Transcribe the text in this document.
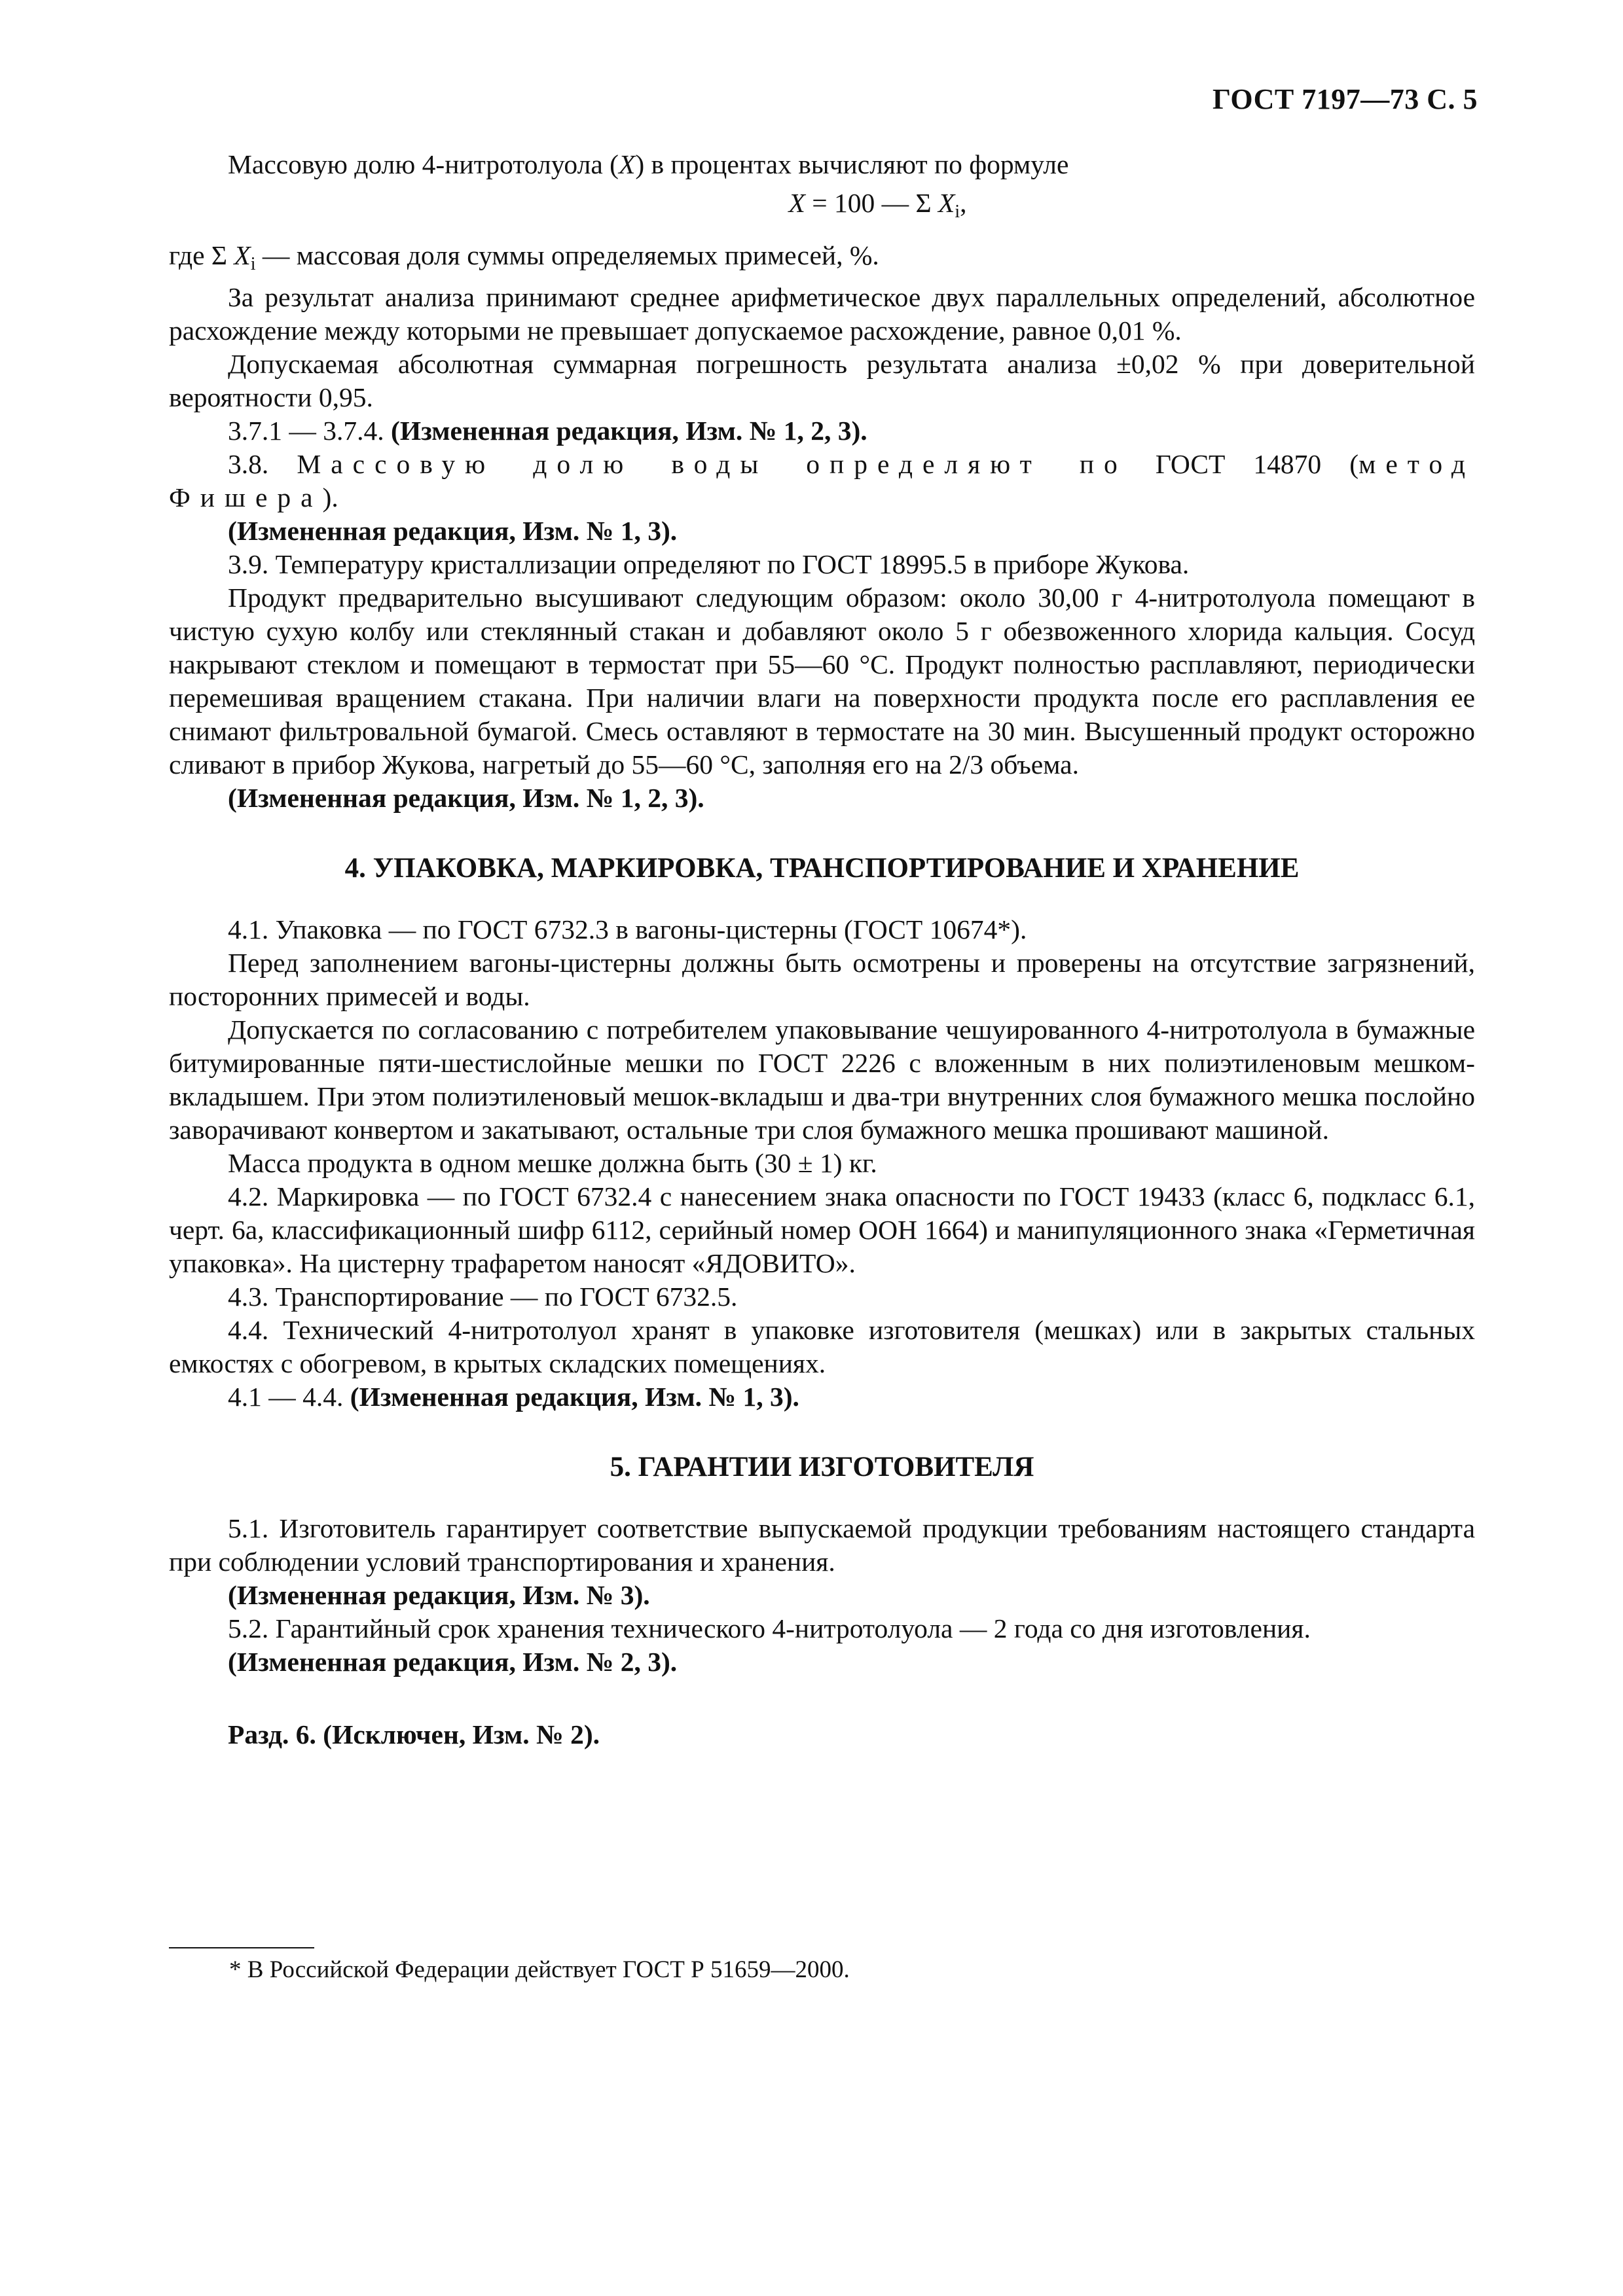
ГОСТ 7197—73 С. 5

Массовую долю 4-нитротолуола (X) в процентах вычисляют по формуле

X = 100 — Σ $X_i$,

где Σ $X_i$ — массовая доля суммы определяемых примесей, %.

За результат анализа принимают среднее арифметическое двух параллельных определений, абсолютное расхождение между которыми не превышает допускаемое расхождение, равное 0,01 %.

Допускаемая абсолютная суммарная погрешность результата анализа ±0,02 % при доверительной вероятности 0,95.

3.7.1 — 3.7.4. (Измененная редакция, Изм. № 1, 2, 3).

3.8. Массовую долю воды определяют по ГОСТ 14870 (метод Фишера).

(Измененная редакция, Изм. № 1, 3).

3.9. Температуру кристаллизации определяют по ГОСТ 18995.5 в приборе Жукова.

Продукт предварительно высушивают следующим образом: около 30,00 г 4-нитротолуола помещают в чистую сухую колбу или стеклянный стакан и добавляют около 5 г обезвоженного хлорида кальция. Сосуд накрывают стеклом и помещают в термостат при 55—60 °С. Продукт полностью расплавляют, периодически перемешивая вращением стакана. При наличии влаги на поверхности продукта после его расплавления ее снимают фильтровальной бумагой. Смесь оставляют в термостате на 30 мин. Высушенный продукт осторожно сливают в прибор Жукова, нагретый до 55—60 °С, заполняя его на 2/3 объема.

(Измененная редакция, Изм. № 1, 2, 3).

4. УПАКОВКА, МАРКИРОВКА, ТРАНСПОРТИРОВАНИЕ И ХРАНЕНИЕ

4.1. Упаковка — по ГОСТ 6732.3 в вагоны-цистерны (ГОСТ 10674*).

Перед заполнением вагоны-цистерны должны быть осмотрены и проверены на отсутствие загрязнений, посторонних примесей и воды.

Допускается по согласованию с потребителем упаковывание чешуированного 4-нитротолуола в бумажные битумированные пяти-шестислойные мешки по ГОСТ 2226 с вложенным в них полиэтиленовым мешком-вкладышем. При этом полиэтиленовый мешок-вкладыш и два-три внутренних слоя бумажного мешка послойно заворачивают конвертом и закатывают, остальные три слоя бумажного мешка прошивают машиной.

Масса продукта в одном мешке должна быть (30 ± 1) кг.

4.2. Маркировка — по ГОСТ 6732.4 с нанесением знака опасности по ГОСТ 19433 (класс 6, подкласс 6.1, черт. 6а, классификационный шифр 6112, серийный номер ООН 1664) и манипуляционного знака «Герметичная упаковка». На цистерну трафаретом наносят «ЯДОВИТО».

4.3. Транспортирование — по ГОСТ 6732.5.

4.4. Технический 4-нитротолуол хранят в упаковке изготовителя (мешках) или в закрытых стальных емкостях с обогревом, в крытых складских помещениях.

4.1 — 4.4. (Измененная редакция, Изм. № 1, 3).

5. ГАРАНТИИ ИЗГОТОВИТЕЛЯ

5.1. Изготовитель гарантирует соответствие выпускаемой продукции требованиям настоящего стандарта при соблюдении условий транспортирования и хранения.

(Измененная редакция, Изм. № 3).

5.2. Гарантийный срок хранения технического 4-нитротолуола — 2 года со дня изготовления.

(Измененная редакция, Изм. № 2, 3).

Разд. 6. (Исключен, Изм. № 2).

* В Российской Федерации действует ГОСТ Р 51659—2000.
